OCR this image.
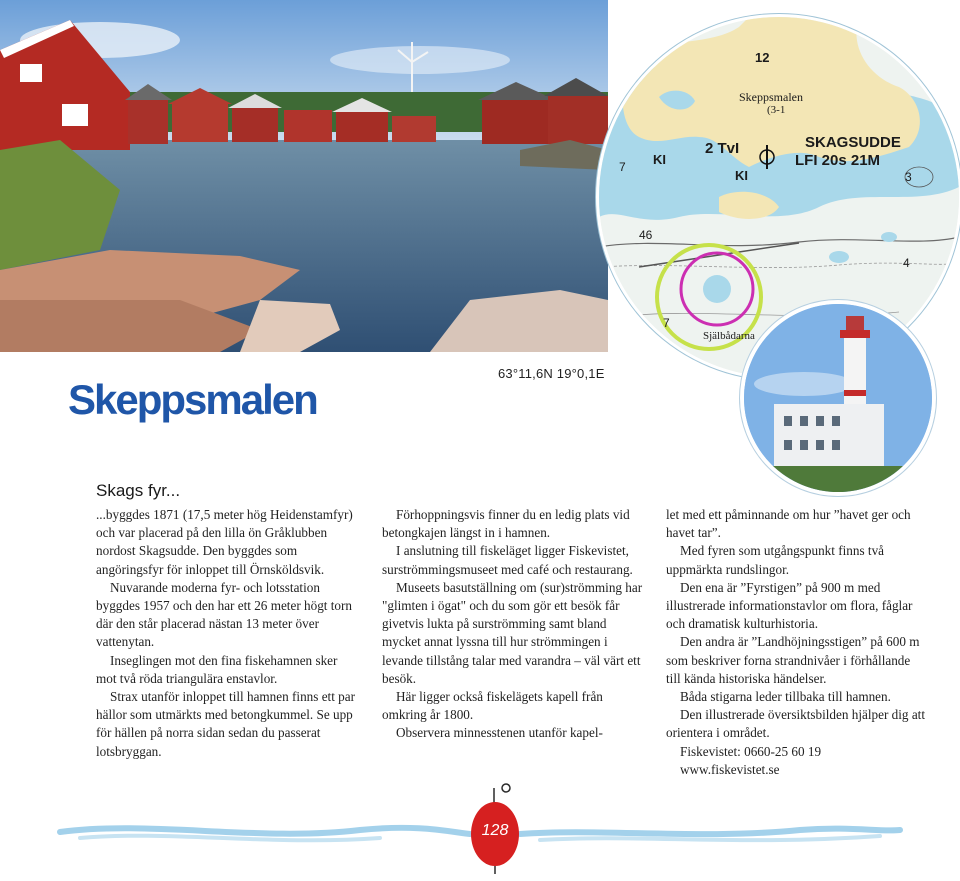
12
Skeppsmalen
(3-1
2 TvI
KI
SKAGSUDDE
LFI 20s 21M
KI
7
46
7
3
4
Själbådarna
63°11,6N 19°0,1E
Skeppsmalen
Skags fyr...

...byggdes 1871 (17,5 meter hög Heidenstamfyr) och var placerad på den lilla ön Gråklubben nordost Skagsudde. Den byggdes som angöringsfyr för inloppet till Örnsköldsvik.

Nuvarande moderna fyr- och lotsstation byggdes 1957 och den har ett 26 meter högt torn där den står placerad nästan 13 meter över vattenytan.

Inseglingen mot den fina fiskehamnen sker mot två röda triangulära enstavlor.

Strax utanför inloppet till hamnen finns ett par hällor som utmärkts med betongkummel. Se upp för hällen på norra sidan sedan du passerat lotsbryggan.

Förhoppningsvis finner du en ledig plats vid betongkajen längst in i hamnen.

I anslutning till fiskeläget ligger Fiskevistet, surströmmingsmuseet med café och restaurang.

Museets basutställning om (sur)strömming har "glimten i ögat" och du som gör ett besök får givetvis lukta på surströmming samt bland mycket annat lyssna till hur strömmingen i levande tillstång talar med varandra – väl värt ett besök.

Här ligger också fiskelägets kapell från omkring år 1800.

Observera minnesstenen utanför kapel-

let med ett påminnande om hur ”havet ger och havet tar”.

Med fyren som utgångspunkt finns två uppmärkta rundslingor.

Den ena är ”Fyrstigen” på 900 m med illustrerade informationstavlor om flora, fåglar och dramatisk kulturhistoria.

Den andra är ”Landhöjningsstigen” på 600 m som beskriver forna strandnivåer i förhållande till kända historiska händelser.

Båda stigarna leder tillbaka till hamnen.

Den illustrerade översiktsbilden hjälper dig att orientera i området.

Fiskevistet: 0660-25 60 19

www.fiskevistet.se

128
